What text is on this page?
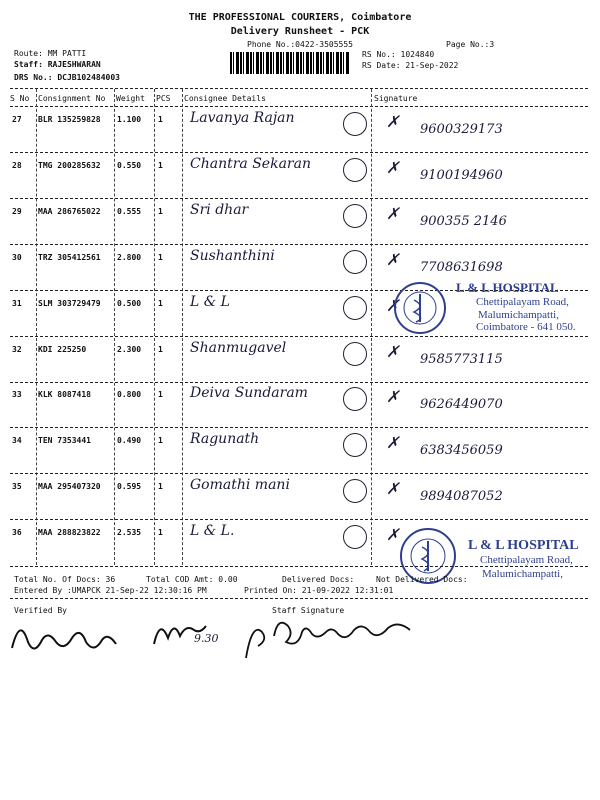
THE PROFESSIONAL COURIERS, Coimbatore
Delivery Runsheet - PCK
Phone No.:0422-3505555	Page No.:3
Route: MM PATTI
Staff: RAJESHWARAN
DRS No.: DCJB102484003
RS No.: 1024840
RS Date: 21-Sep-2022
S No Consignment No Weight PCS Consignee Details	Signature
27 BLR 135259828 1.100 1 Lavanya Rajan	✗ 9600329173
28 TMG 200285632 0.550 1 Chantra Sekaran	✗ 9100194960
29 MAA 286765022 0.555 1 Sri dhar	✗ 900355 2146
30 TRZ 305412561 2.800 1 Sushanthini	✗ 7708631698
31 SLM 303729479 0.500 1 L & L	✗
32 KDI 225250	2.300 1 Shanmugavel	✗ 9585773115
33 KLK 8087418	0.800 1 Deiva Sundaram	✗ 9626449070
34 TEN 7353441	0.490 1 Ragunath	✗ 6383456059
35 MAA 295407320 0.595 1 Gomathi mani	✗ 9894087052
36 MAA 288823822 2.535 1 L & L.	✗
L & L HOSPITAL
Chettipalayam Road,
Malumichampatti,
Coimbatore - 641 050.
L & L HOSPITAL
Chettipalayam Road,
Malumichampatti,
Total No. Of Docs: 36	Total COD Amt: 0.00	Delivered Docs:	Not Delivered Docs:
Entered By :UMAPCK 21-Sep-22 12:30:16 PM	Printed On: 21-09-2022 12:31:01
Verified By	Staff Signature
9.30
